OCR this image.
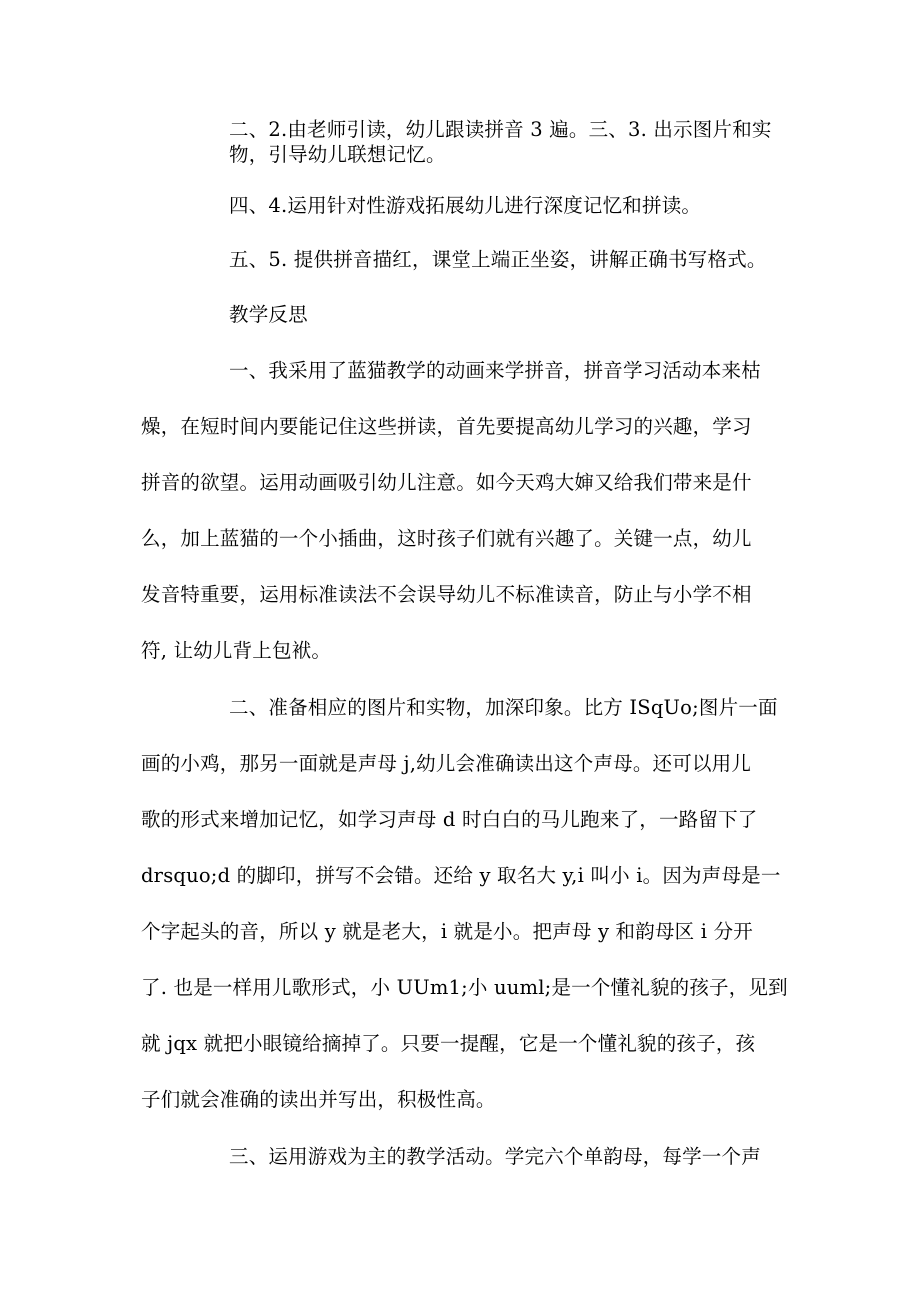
二、2.由老师引读，幼儿跟读拼音 3 遍。三、3. 出示图片和实
物，引导幼儿联想记忆。
四、4.运用针对性游戏拓展幼儿进行深度记忆和拼读。
五、5. 提供拼音描红，课堂上端正坐姿，讲解正确书写格式。
教学反思
一、我采用了蓝猫教学的动画来学拼音，拼音学习活动本来枯
燥，在短时间内要能记住这些拼读，首先要提高幼儿学习的兴趣，学习
拼音的欲望。运用动画吸引幼儿注意。如今天鸡大婶又给我们带来是什
么，加上蓝猫的一个小插曲，这时孩子们就有兴趣了。关键一点，幼儿
发音特重要，运用标准读法不会误导幼儿不标准读音，防止与小学不相
符, 让幼儿背上包袱。
二、准备相应的图片和实物，加深印象。比方 ISqUo;图片一面
画的小鸡，那另一面就是声母 j,幼儿会准确读出这个声母。还可以用儿
歌的形式来增加记忆，如学习声母 d 时白白的马儿跑来了，一路留下了
drsquo;d 的脚印，拼写不会错。还给 y 取名大 y,i 叫小 i。因为声母是一
个字起头的音，所以 y 就是老大，i 就是小。把声母 y 和韵母区 i 分开
了. 也是一样用儿歌形式，小 UUm1;小 uuml;是一个懂礼貌的孩子，见到
就 jqx 就把小眼镜给摘掉了。只要一提醒，它是一个懂礼貌的孩子，孩
子们就会准确的读出并写出，积极性高。
三、运用游戏为主的教学活动。学完六个单韵母，每学一个声
